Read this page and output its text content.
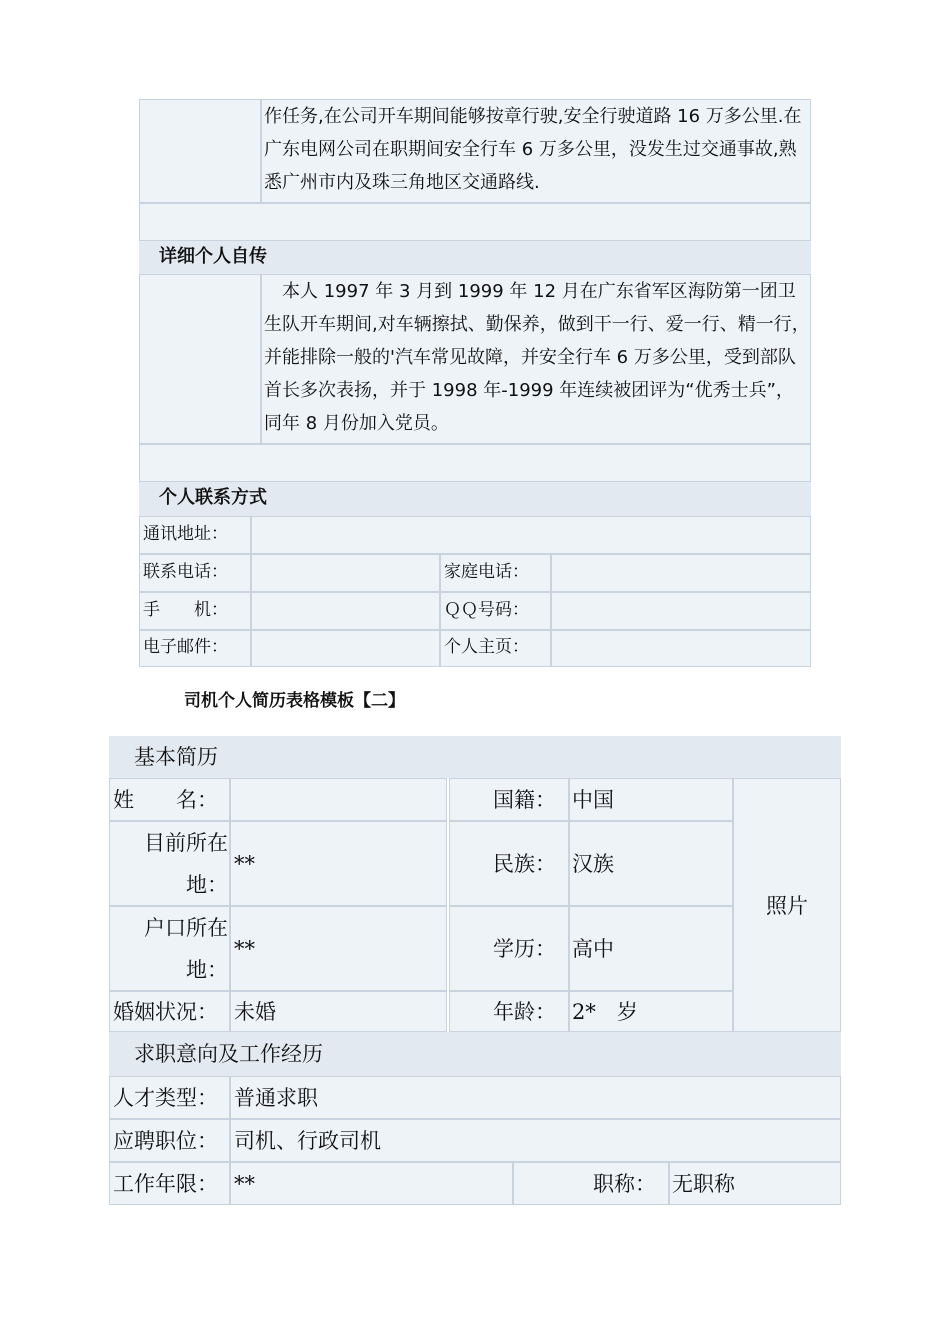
作任务,在公司开车期间能够按章行驶,安全行驶道路 16 万多公里.在广东电网公司在职期间安全行车 6 万多公里，没发生过交通事故,熟悉广州市内及珠三角地区交通路线.
详细个人自传
本人 1997 年 3 月到 1999 年 12 月在广东省军区海防第一团卫生队开车期间,对车辆擦拭、勤保养，做到干一行、爱一行、精一行，并能排除一般的'汽车常见故障，并安全行车 6 万多公里，受到部队首长多次表扬，并于 1998 年-1999 年连续被团评为“优秀士兵”，同年 8 月份加入党员。
个人联系方式
通讯地址：
联系电话：	家庭电话：
手　　机：	ＱＱ号码：
电子邮件：	个人主页：
司机个人简历表格模板【二】
基本简历
姓　　名：	国籍： 中国
照片
目前所在
地：
**	民族： 汉族
户口所在
地：
**	学历： 高中
婚姻状况： 未婚	年龄： 2*　岁
求职意向及工作经历
人才类型： 普通求职
应聘职位： 司机、行政司机
工作年限： **	职称： 无职称
